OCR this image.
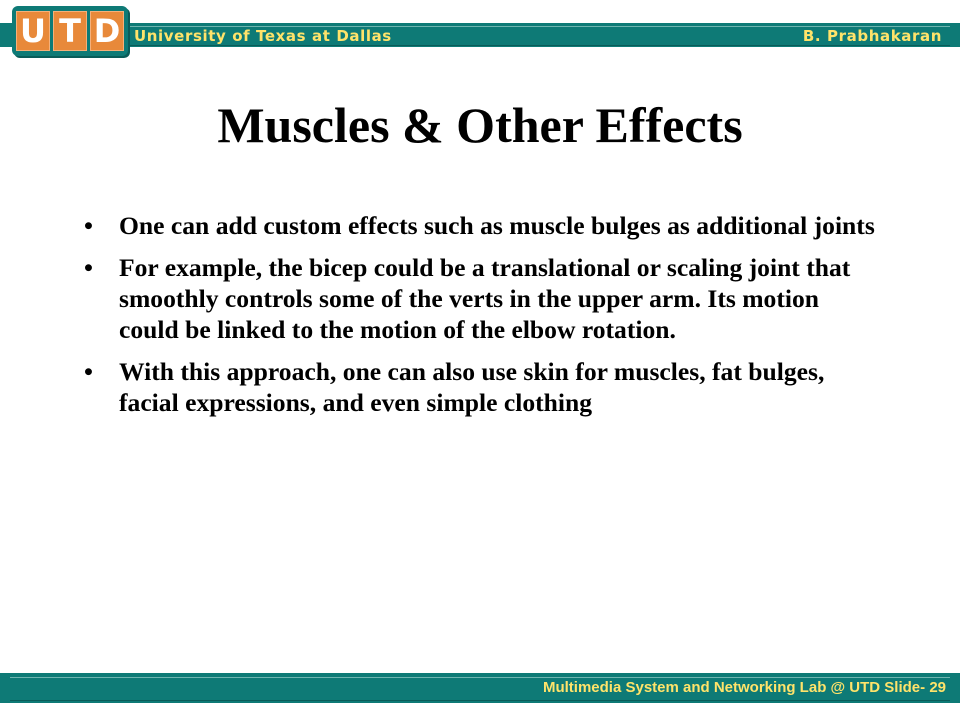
University of Texas at Dallas	B. Prabhakaran
U T D
Muscles & Other Effects
• One can add custom effects such as muscle bulges as additional joints
• For example, the bicep could be a translational or scaling joint that smoothly controls some of the verts in the upper arm. Its motion could be linked to the motion of the elbow rotation.
• With this approach, one can also use skin for muscles, fat bulges, facial expressions, and even simple clothing
Multimedia System and Networking Lab @ UTD Slide- 29
